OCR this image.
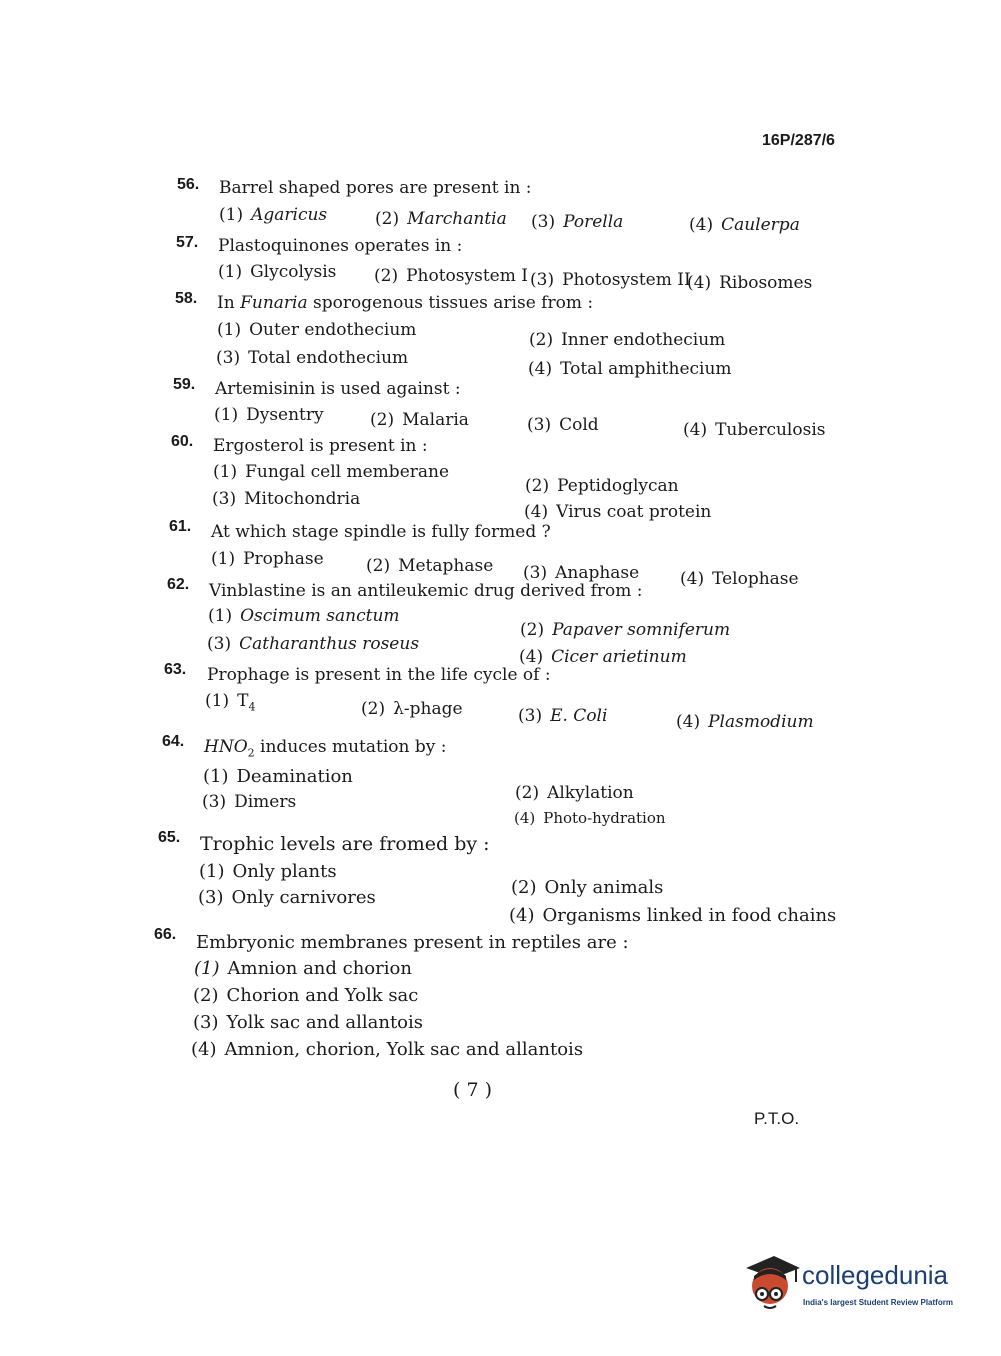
16P/287/6
56. Barrel shaped pores are present in :
(1) Agaricus	(2) Marchantia (3) Porella	(4) Caulerpa
57. Plastoquinones operates in :
(1) Glycolysis (2) Photosystem I (3) Photosystem II
(4) Ribosomes
58. In Funaria sporogenous tissues arise from :
(1) Outer endothecium	(2) Inner endothecium
(3) Total endothecium
(4) Total amphithecium
59. Artemisinin is used against :
(1) Dysentry	(2) Malaria	(3) Cold	(4) Tuberculosis
60. Ergosterol is present in :
(1) Fungal cell memberane
(2) Peptidoglycan
(3) Mitochondria
(4) Virus coat protein
61. At which stage spindle is fully formed ?
(1) Prophase (2) Metaphase (3) Anaphase (4) Telophase
62. Vinblastine is an antileukemic drug derived from :
(1) Oscimum sanctum
(2) Papaver somniferum
(3) Catharanthus roseus
(4) Cicer arietinum
63. Prophage is present in the life cycle of :
(1) $T_4$	(2) λ-phage	(3) E. Coli	(4) Plasmodium
64. $HNO_2$ induces mutation by :
(1) Deamination
(2) Alkylation
(3) Dimers
(4) Photo-hydration
65. Trophic levels are fromed by :
(1) Only plants
(2) Only animals
(3) Only carnivores
(4) Organisms linked in food chains
66. Embryonic membranes present in reptiles are :
(1) Amnion and chorion
(2) Chorion and Yolk sac
(3) Yolk sac and allantois
(4) Amnion, chorion, Yolk sac and allantois
( 7 )
P.T.O.
collegedunia
India's largest Student Review Platform
